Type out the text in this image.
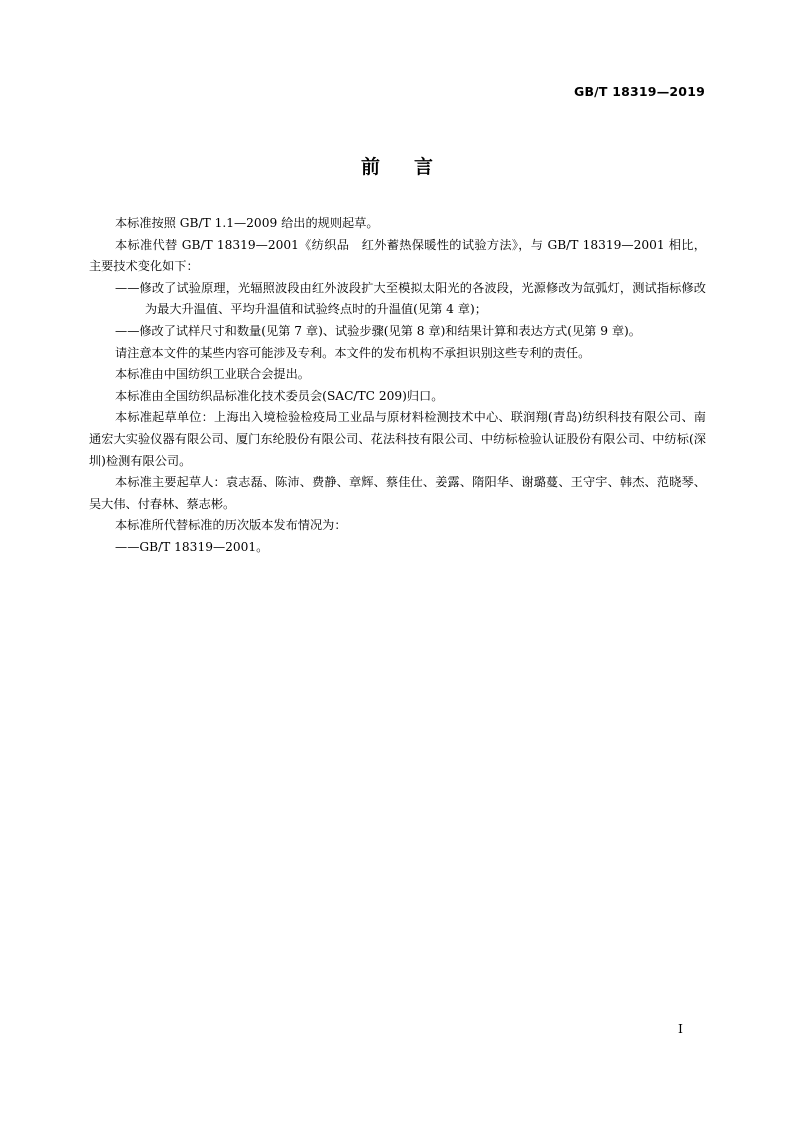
GB/T 18319—2019
前言

本标准按照 GB/T 1.1—2009 给出的规则起草。

本标准代替 GB/T 18319—2001《纺织品　红外蓄热保暖性的试验方法》，与 GB/T 18319—2001 相比，主要技术变化如下：

——修改了试验原理，光辐照波段由红外波段扩大至模拟太阳光的各波段，光源修改为氙弧灯，测试指标修改为最大升温值、平均升温值和试验终点时的升温值(见第 4 章)；

——修改了试样尺寸和数量(见第 7 章)、试验步骤(见第 8 章)和结果计算和表达方式(见第 9 章)。

请注意本文件的某些内容可能涉及专利。本文件的发布机构不承担识别这些专利的责任。

本标准由中国纺织工业联合会提出。

本标准由全国纺织品标准化技术委员会(SAC/TC 209)归口。

本标准起草单位：上海出入境检验检疫局工业品与原材料检测技术中心、联润翔(青岛)纺织科技有限公司、南通宏大实验仪器有限公司、厦门东纶股份有限公司、花法科技有限公司、中纺标检验认证股份有限公司、中纺标(深圳)检测有限公司。

本标准主要起草人：袁志磊、陈沛、费静、章辉、蔡佳仕、姜露、隋阳华、谢璐蔓、王守宇、韩杰、范晓琴、吴大伟、付春林、蔡志彬。

本标准所代替标准的历次版本发布情况为：

——GB/T 18319—2001。

I
